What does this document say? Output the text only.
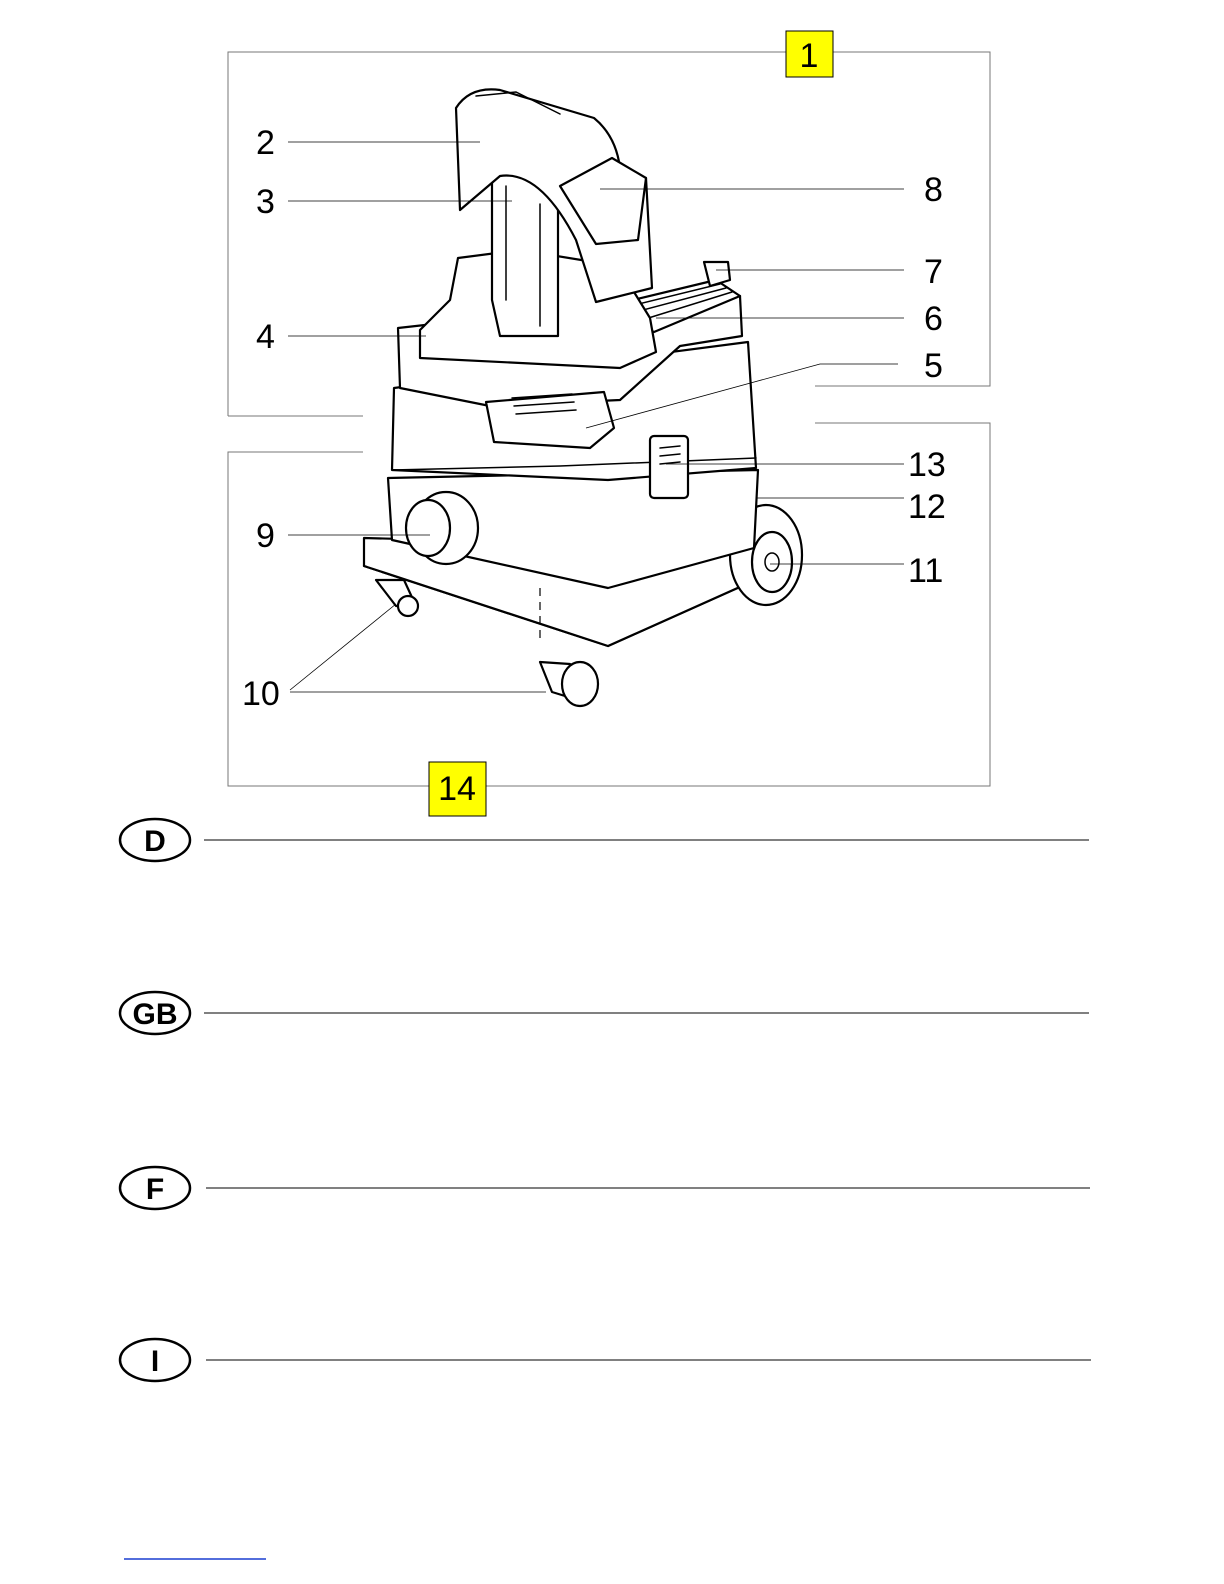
2
3
4
8
7
6
5
13
12
11
9
10
1
14
D
GB
F
I
